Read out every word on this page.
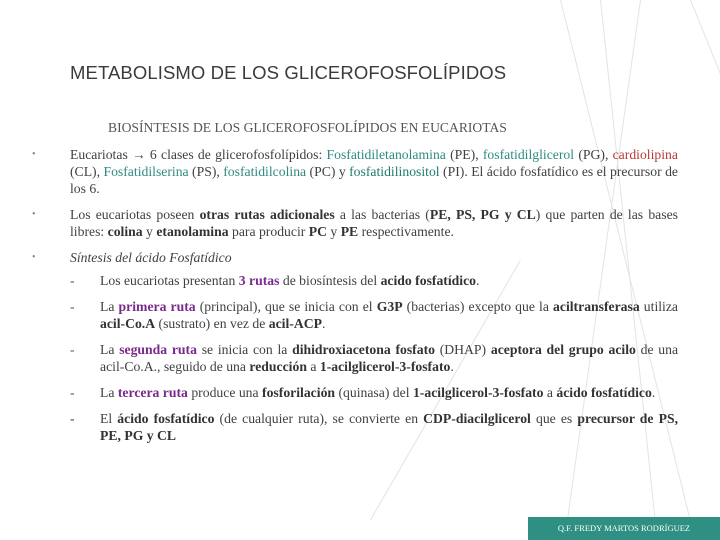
METABOLISMO DE LOS GLICEROFOSFOLÍPIDOS
BIOSÍNTESIS DE LOS GLICEROFOSFOLÍPIDOS EN EUCARIOTAS
•	Eucariotas → 6 clases de glicerofosfolípidos: Fosfatidiletanolamina (PE), fosfatidilglicerol (PG), cardiolipina (CL), Fosfatidilserina (PS), fosfatidilcolina (PC) y fosfatidilinositol (PI). El ácido fosfatídico es el precursor de los 6.
•	Los eucariotas poseen otras rutas adicionales a las bacterias (PE, PS, PG y CL) que parten de las bases libres: colina y etanolamina para producir PC y PE respectivamente.
•	Síntesis del ácido Fosfatídico
- Los eucariotas presentan 3 rutas de biosíntesis del acido fosfatídico.
- La primera ruta (principal), que se inicia con el G3P (bacterias) excepto que la aciltransferasa utiliza acil-Co.A (sustrato) en vez de acil-ACP.
- La segunda ruta se inicia con la dihidroxiacetona fosfato (DHAP) aceptora del grupo acilo de una acil-Co.A., seguido de una reducción a 1-acilglicerol-3-fosfato.
- La tercera ruta produce una fosforilación (quinasa) del 1-acilglicerol-3-fosfato a ácido fosfatídico.
- El ácido fosfatídico (de cualquier ruta), se convierte en CDP-diacilglicerol que es precursor de PS, PE, PG y CL
Q.F. FREDY MARTOS RODRÍGUEZ
